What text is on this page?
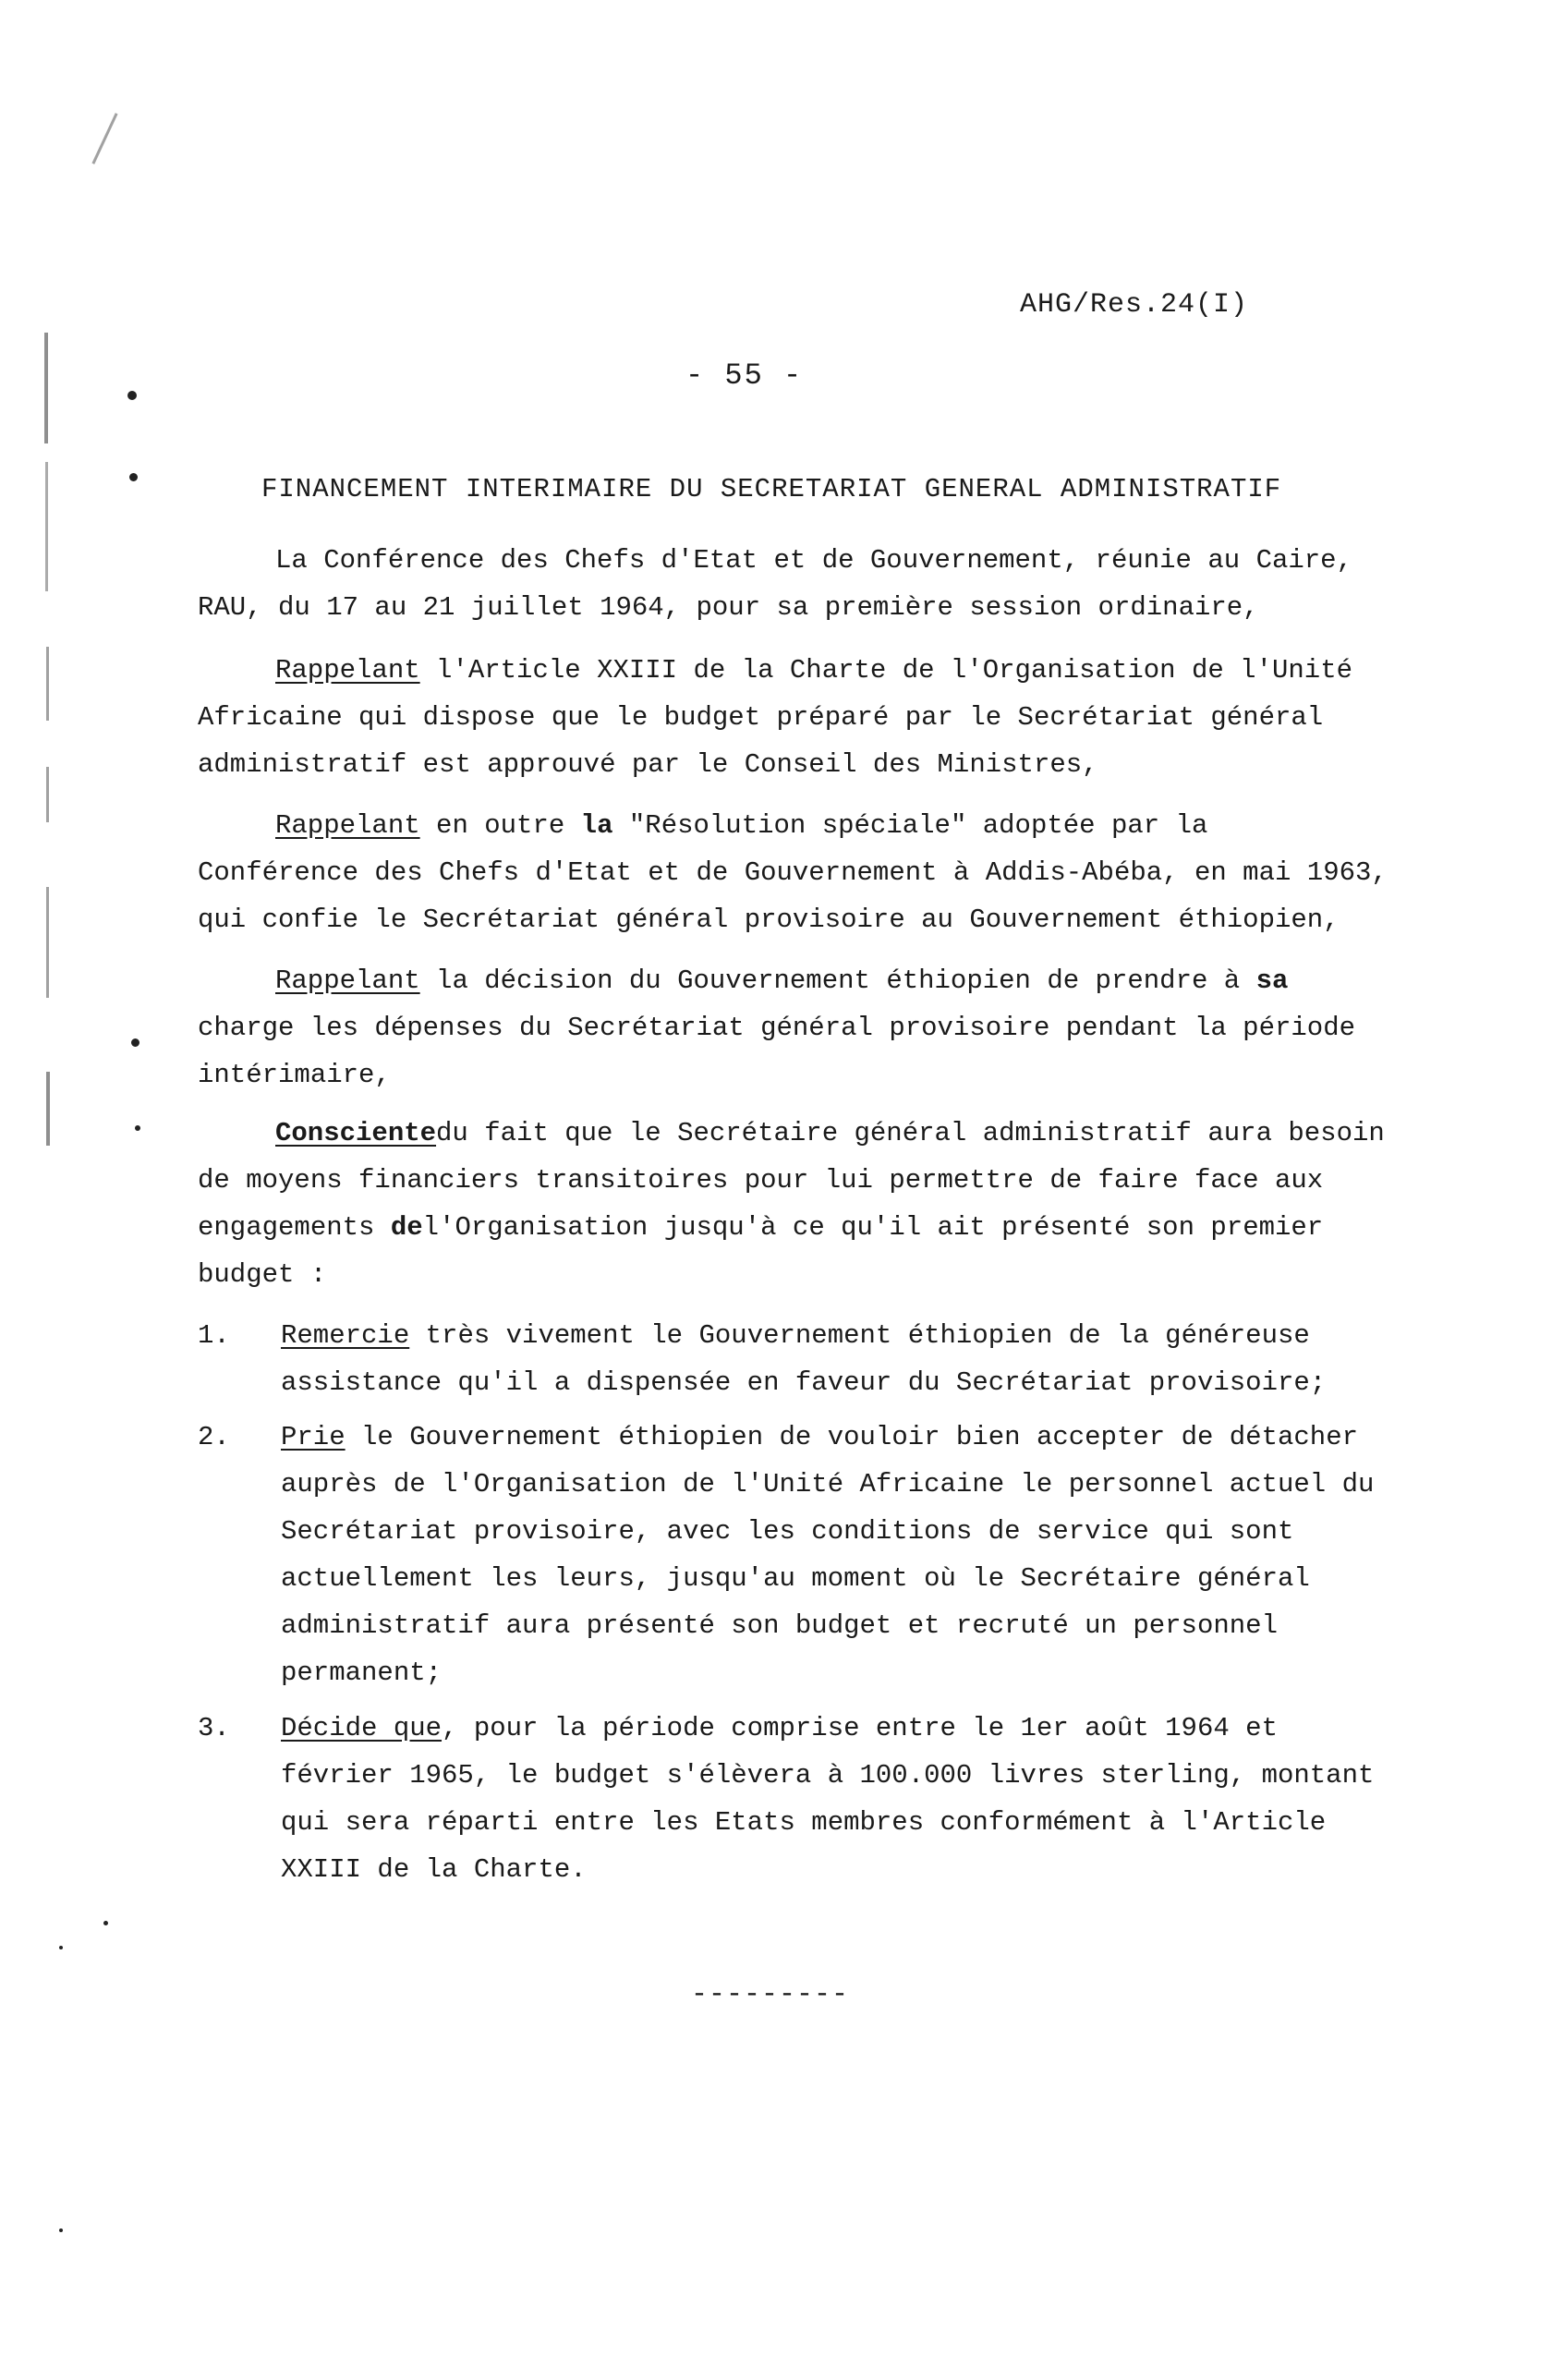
AHG/Res.24(I)
- 55 -
FINANCEMENT INTERIMAIRE DU SECRETARIAT GENERAL ADMINISTRATIF
La Conférence des Chefs d'Etat et de Gouvernement, réunie au Caire,
RAU, du 17 au 21 juillet 1964, pour sa première session ordinaire,
Rappelant l'Article XXIII de la Charte de l'Organisation de l'Unité
Africaine qui dispose que le budget préparé par le Secrétariat général
administratif est approuvé par le Conseil des Ministres,
Rappelant en outre la "Résolution spéciale" adoptée par la
Conférence des Chefs d'Etat et de Gouvernement à Addis-Abéba, en mai 1963,
qui confie le Secrétariat général provisoire au Gouvernement éthiopien,
Rappelant la décision du Gouvernement éthiopien de prendre à sa
charge les dépenses du Secrétariat général provisoire pendant la période
intérimaire,
Conscientedu fait que le Secrétaire général administratif aura besoin
de moyens financiers transitoires pour lui permettre de faire face aux
engagements del'Organisation jusqu'à ce qu'il ait présenté son premier
budget :
1. Remercie très vivement le Gouvernement éthiopien de la généreuse
assistance qu'il a dispensée en faveur du Secrétariat provisoire;
2. Prie le Gouvernement éthiopien de vouloir bien accepter de détacher
auprès de l'Organisation de l'Unité Africaine le personnel actuel du
Secrétariat provisoire, avec les conditions de service qui sont
actuellement les leurs, jusqu'au moment où le Secrétaire général
administratif aura présenté son budget et recruté un personnel
permanent;
3. Décide que, pour la période comprise entre le 1er août 1964 et
février 1965, le budget s'élèvera à 100.000 livres sterling, montant
qui sera réparti entre les Etats membres conformément à l'Article
XXIII de la Charte.
---------
